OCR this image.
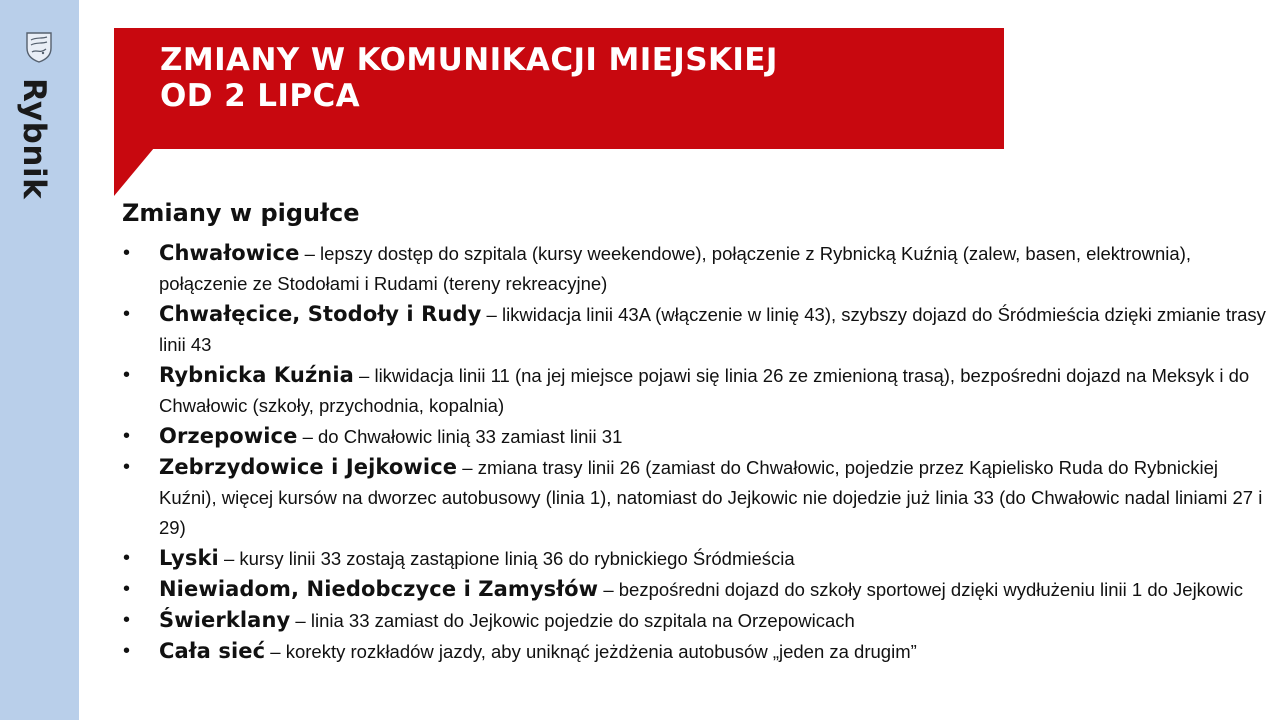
Rybnik
ZMIANY W KOMUNIKACJI MIEJSKIEJ
OD 2 LIPCA
Zmiany w pigułce
• Chwałowice – lepszy dostęp do szpitala (kursy weekendowe), połączenie z Rybnicką Kuźnią (zalew, basen, elektrownia), połączenie ze Stodołami i Rudami (tereny rekreacyjne)
• Chwałęcice, Stodoły i Rudy – likwidacja linii 43A (włączenie w linię 43), szybszy dojazd do Śródmieścia dzięki zmianie trasy linii 43
• Rybnicka Kuźnia – likwidacja linii 11 (na jej miejsce pojawi się linia 26 ze zmienioną trasą), bezpośredni dojazd na Meksyk i do Chwałowic (szkoły, przychodnia, kopalnia)
• Orzepowice – do Chwałowic linią 33 zamiast linii 31
• Zebrzydowice i Jejkowice – zmiana trasy linii 26 (zamiast do Chwałowic, pojedzie przez Kąpielisko Ruda do Rybnickiej Kuźni), więcej kursów na dworzec autobusowy (linia 1), natomiast do Jejkowic nie dojedzie już linia 33 (do Chwałowic nadal liniami 27 i 29)
• Lyski – kursy linii 33 zostają zastąpione linią 36 do rybnickiego Śródmieścia
• Niewiadom, Niedobczyce i Zamysłów – bezpośredni dojazd do szkoły sportowej dzięki wydłużeniu linii 1 do Jejkowic
• Świerklany – linia 33 zamiast do Jejkowic pojedzie do szpitala na Orzepowicach
• Cała sieć – korekty rozkładów jazdy, aby uniknąć jeżdżenia autobusów „jeden za drugim”
